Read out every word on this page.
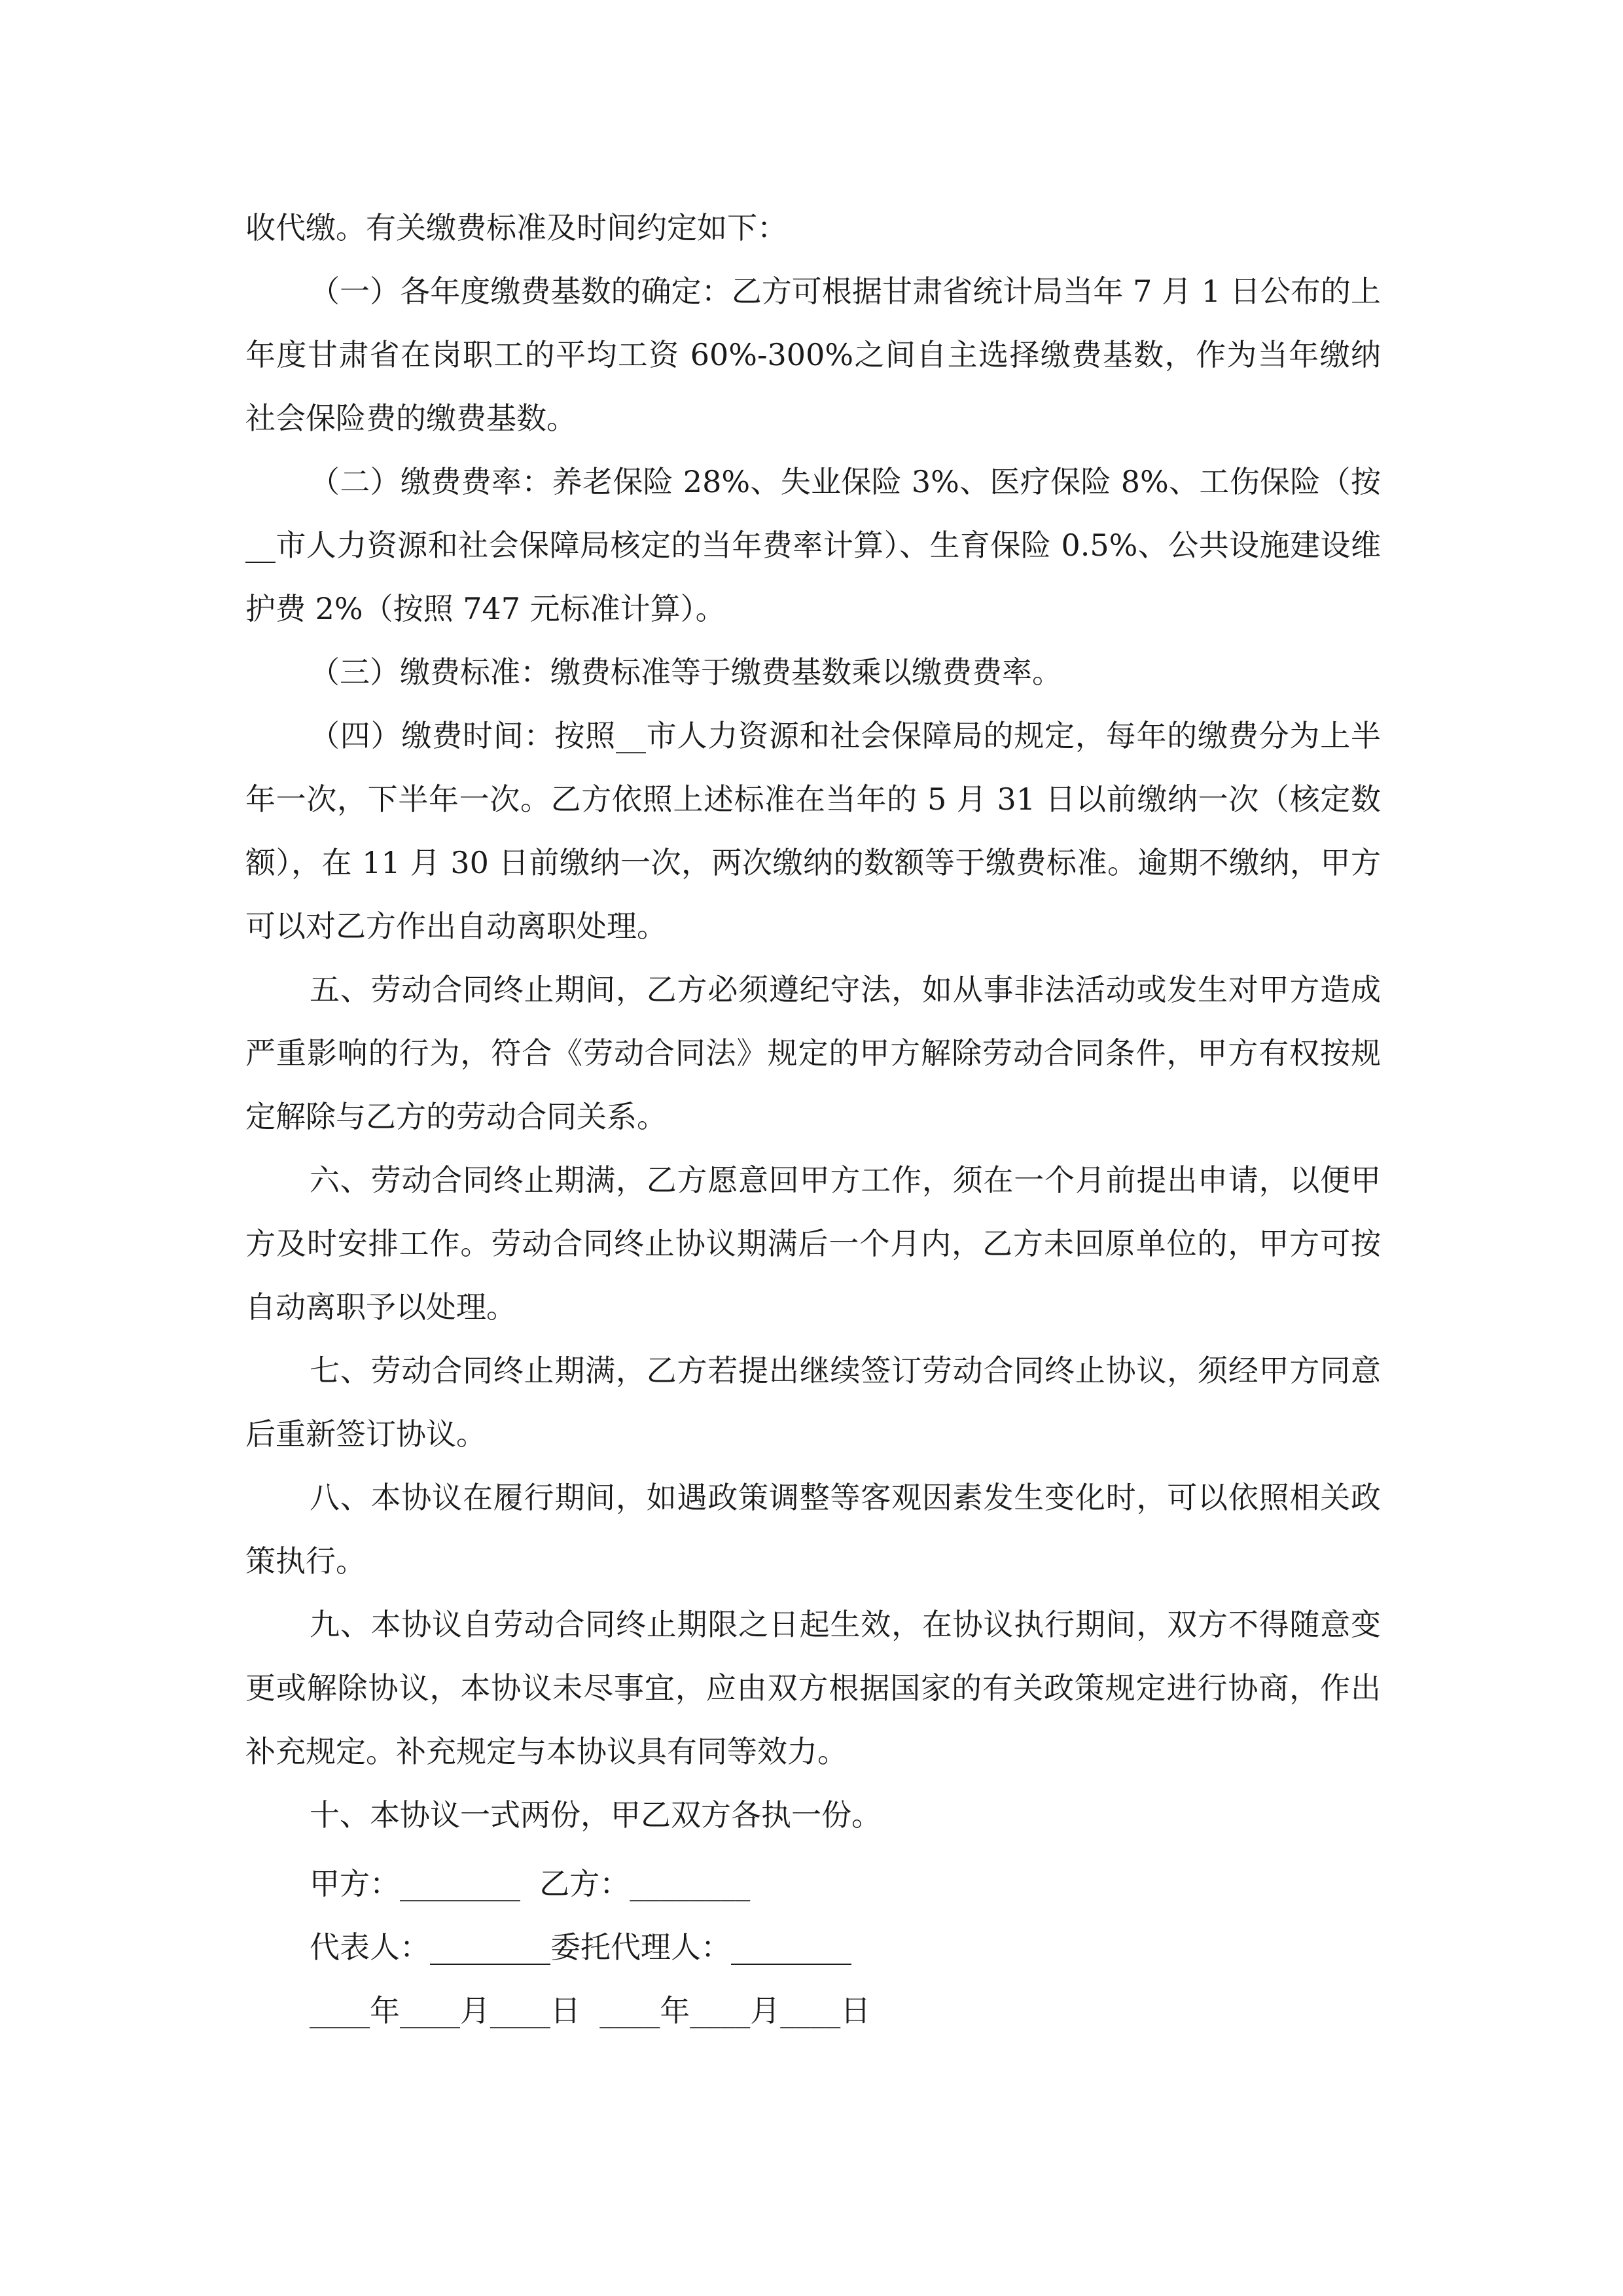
收代缴。有关缴费标准及时间约定如下：

（一）各年度缴费基数的确定：乙方可根据甘肃省统计局当年 7 月 1 日公布的上年度甘肃省在岗职工的平均工资 60%-300%之间自主选择缴费基数，作为当年缴纳社会保险费的缴费基数。

（二）缴费费率：养老保险 28%、失业保险 3%、医疗保险 8%、工伤保险（按__市人力资源和社会保障局核定的当年费率计算）、生育保险 0.5%、公共设施建设维护费 2%（按照 747 元标准计算）。

（三）缴费标准：缴费标准等于缴费基数乘以缴费费率。

（四）缴费时间：按照__市人力资源和社会保障局的规定，每年的缴费分为上半年一次，下半年一次。乙方依照上述标准在当年的 5 月 31 日以前缴纳一次（核定数额），在 11 月 30 日前缴纳一次，两次缴纳的数额等于缴费标准。逾期不缴纳，甲方可以对乙方作出自动离职处理。

五、劳动合同终止期间，乙方必须遵纪守法，如从事非法活动或发生对甲方造成严重影响的行为，符合《劳动合同法》规定的甲方解除劳动合同条件，甲方有权按规定解除与乙方的劳动合同关系。

六、劳动合同终止期满，乙方愿意回甲方工作，须在一个月前提出申请，以便甲方及时安排工作。劳动合同终止协议期满后一个月内，乙方未回原单位的，甲方可按自动离职予以处理。

七、劳动合同终止期满，乙方若提出继续签订劳动合同终止协议，须经甲方同意后重新签订协议。

八、本协议在履行期间，如遇政策调整等客观因素发生变化时，可以依照相关政策执行。

九、本协议自劳动合同终止期限之日起生效，在协议执行期间，双方不得随意变更或解除协议，本协议未尽事宜，应由双方根据国家的有关政策规定进行协商，作出补充规定。补充规定与本协议具有同等效力。

十、本协议一式两份，甲乙双方各执一份。

甲方：________  乙方：________

代表人：________委托代理人：________

____年____月____日  ____年____月____日
